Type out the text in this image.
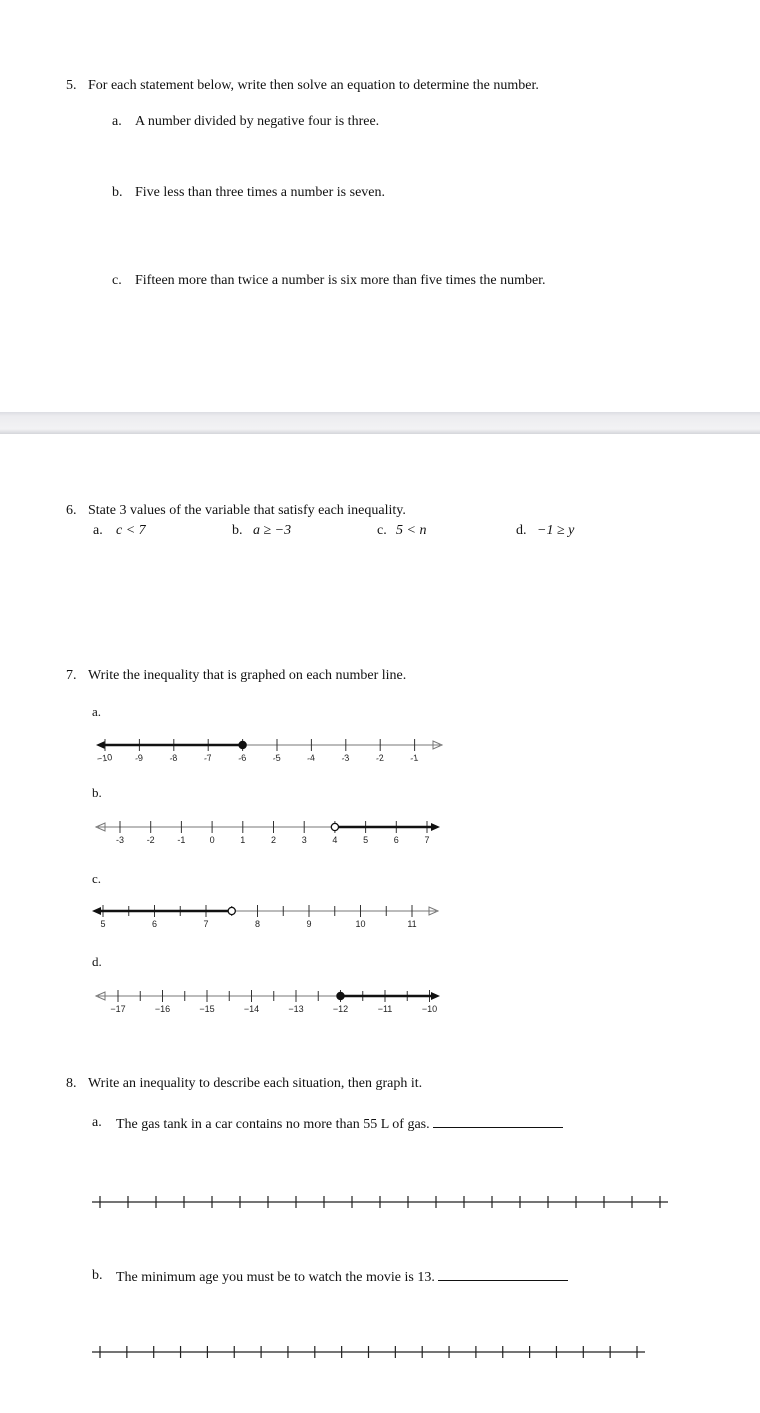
5. For each statement below, write then solve an equation to determine the number.
a. A number divided by negative four is three.
b. Five less than three times a number is seven.
c. Fifteen more than twice a number is six more than five times the number.
6. State 3 values of the variable that satisfy each inequality.
a. c < 7	b. a ≥ −3	c. 5 < n	d. −1 ≥ y
7. Write the inequality that is graphed on each number line.
a.
−10 -9	-8	-7	-6	-5	-4	-3	-2	-1
b.
-3	-2	-1	0	1	2	3	4	5	6	7
c.
5	6	7	8	9	10	11
d.
−17	−16	−15	−14	−13	−12	−11	−10
8. Write an inequality to describe each situation, then graph it.
a. The gas tank in a car contains no more than 55 L of gas.
b. The minimum age you must be to watch the movie is 13.
